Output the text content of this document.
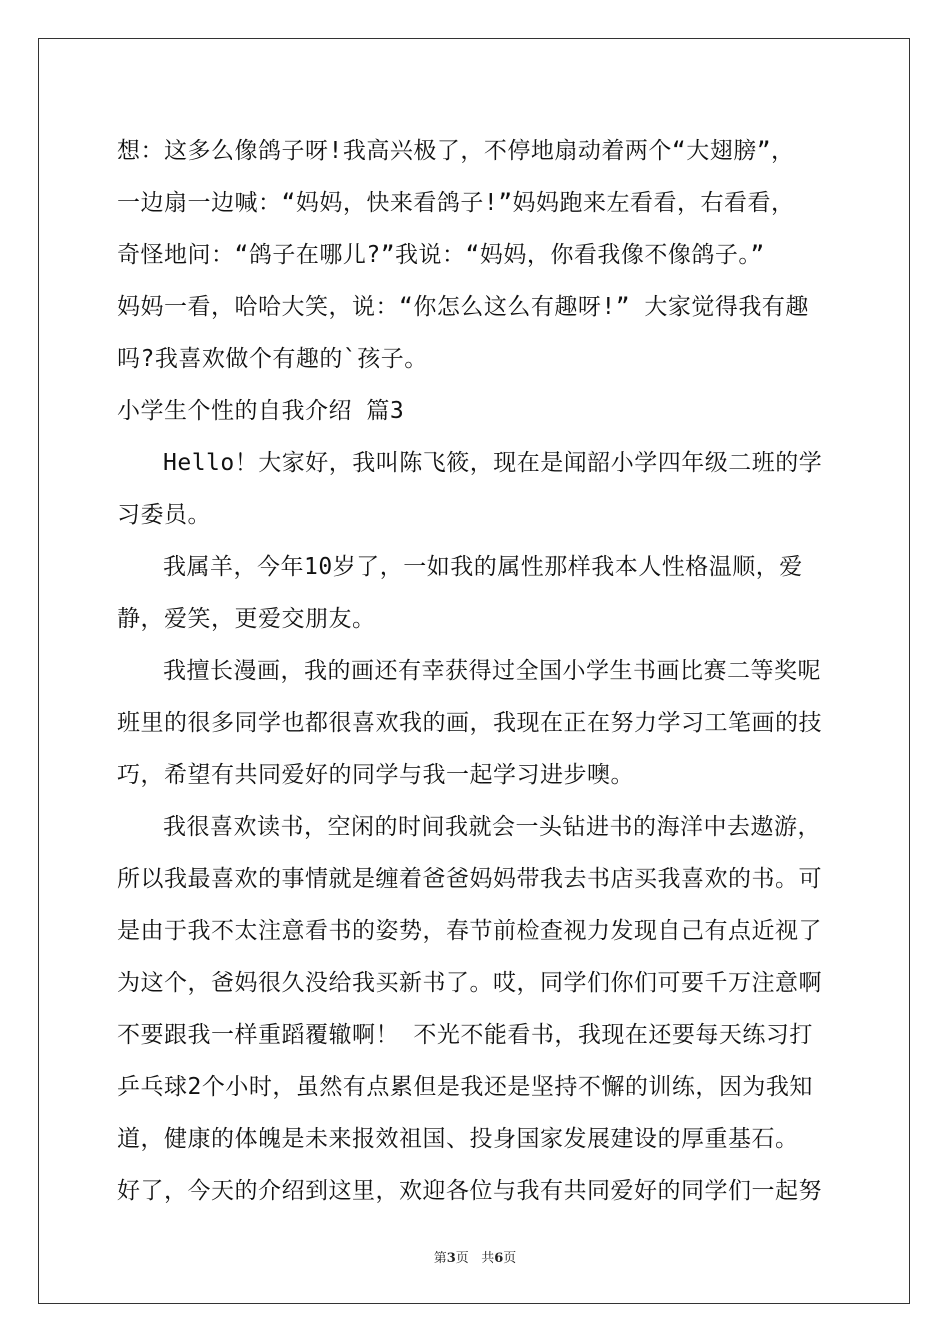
想：这多么像鸽子呀!我高兴极了，不停地扇动着两个“大翅膀”，
一边扇一边喊：“妈妈，快来看鸽子!”妈妈跑来左看看，右看看，
奇怪地问：“鸽子在哪儿?”我说：“妈妈，你看我像不像鸽子。”
妈妈一看，哈哈大笑，说：“你怎么这么有趣呀!” 大家觉得我有趣
吗?我喜欢做个有趣的`孩子。
小学生个性的自我介绍 篇3
Hello！大家好，我叫陈飞筱，现在是闻韶小学四年级二班的学
习委员。
我属羊，今年10岁了，一如我的属性那样我本人性格温顺，爱
静，爱笑，更爱交朋友。
我擅长漫画，我的画还有幸获得过全国小学生书画比赛二等奖呢
班里的很多同学也都很喜欢我的画，我现在正在努力学习工笔画的技
巧，希望有共同爱好的同学与我一起学习进步噢。
我很喜欢读书，空闲的时间我就会一头钻进书的海洋中去遨游，
所以我最喜欢的事情就是缠着爸爸妈妈带我去书店买我喜欢的书。可
是由于我不太注意看书的姿势，春节前检查视力发现自己有点近视了
为这个，爸妈很久没给我买新书了。哎，同学们你们可要千万注意啊
不要跟我一样重蹈覆辙啊！ 不光不能看书，我现在还要每天练习打
乒乓球2个小时，虽然有点累但是我还是坚持不懈的训练，因为我知
道，健康的体魄是未来报效祖国、投身国家发展建设的厚重基石。
好了，今天的介绍到这里，欢迎各位与我有共同爱好的同学们一起努
第3页 共6页
